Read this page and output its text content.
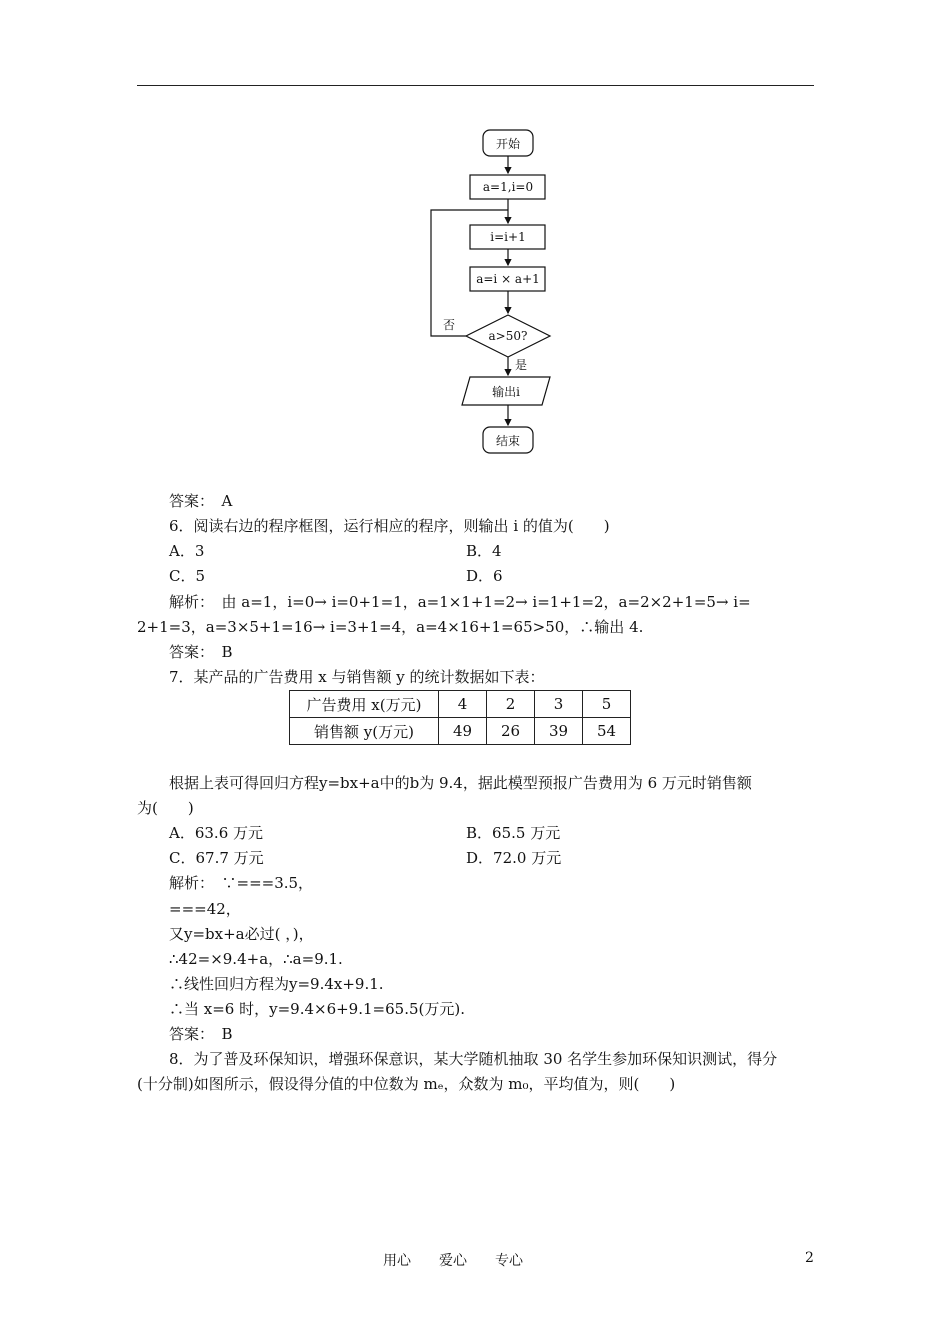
开始
a=1,i=0
i=i+1
a=i × a+1
a>50?
否
是
输出i
结束
答案：　A
6．阅读右边的程序框图，运行相应的程序，则输出 i 的值为(　　)
A．3	B．4
C．5	D．6
解析：　由 a=1，i=0→ i=0+1=1，a=1×1+1=2→ i=1+1=2，a=2×2+1=5→ i=
2+1=3，a=3×5+1=16→ i=3+1=4，a=4×16+1=65>50，∴输出 4.
答案：　B
7．某产品的广告费用 x 与销售额 y 的统计数据如下表：
广告费用 x(万元)	4	2	3	5
销售额 y(万元)	49	26	39	54
根据上表可得回归方程y=bx+a中的b为 9.4，据此模型预报广告费用为 6 万元时销售额
为(　　)
A．63.6 万元	B．65.5 万元
C．67.7 万元	D．72.0 万元
解析：　∵===3.5，
===42，
又y=bx+a必过( ，)，
∴42=×9.4+a，∴a=9.1.
∴线性回归方程为y=9.4x+9.1.
∴当 x=6 时，y=9.4×6+9.1=65.5(万元).
答案：　B
8．为了普及环保知识，增强环保意识，某大学随机抽取 30 名学生参加环保知识测试，得分
(十分制)如图所示，假设得分值的中位数为 mₑ，众数为 m₀，平均值为，则(　　)
用心　　爱心　　专心	2
